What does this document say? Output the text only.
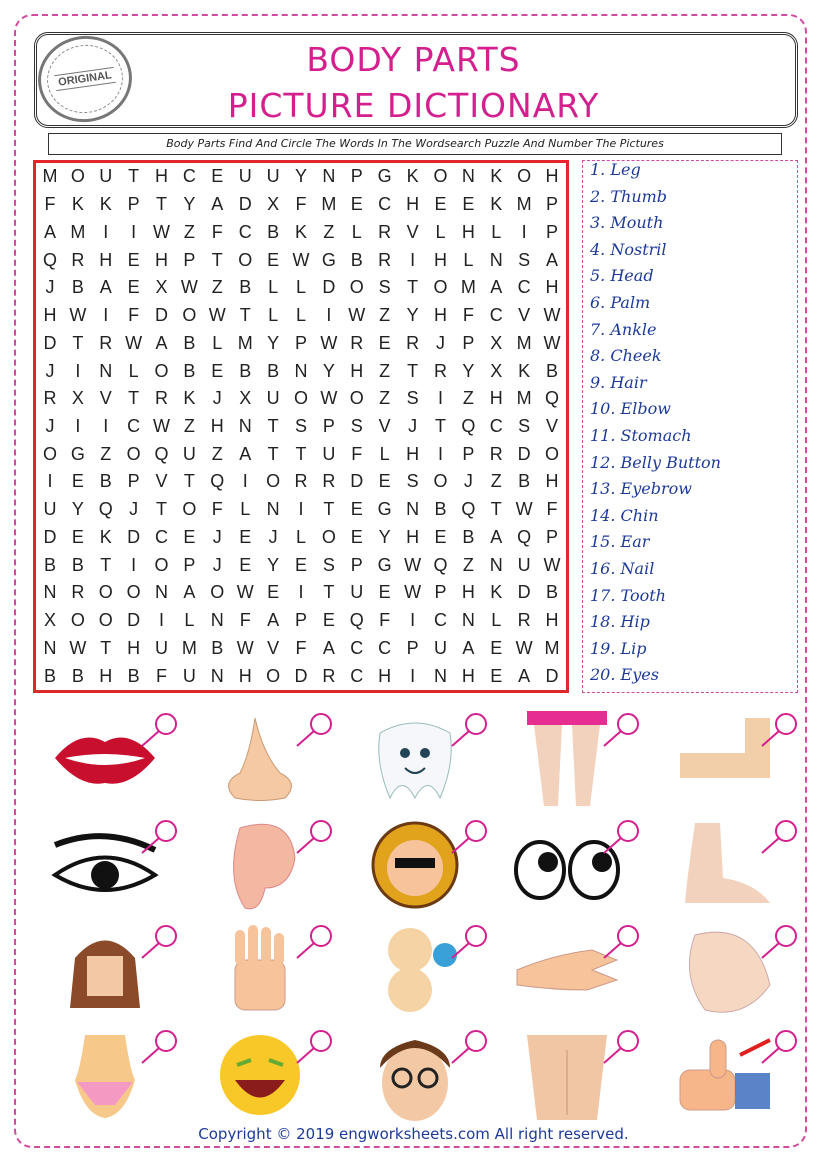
ORIGINAL	BODY PARTS
PICTURE DICTIONARY
Body Parts Find And Circle The Words In The Wordsearch Puzzle And Number The Pictures
M O U T H C E U U Y N P G K O N K O H
F K K P T Y A D X F M E C H E E K M P
A M I	I W Z F C B K Z L R V L H L	I	P
Q R H E H P T O E W G B R	I	H L N S A
J B A E X W Z B L L D O S T O M A C H
H W I	F D O W T L L	I W Z Y H F C V W
D T R W A B L M Y P W R E R J P X M W
J	I	N L O B E B B N Y H Z T R Y X K B
R X V T R K J X U O W O Z S	I	Z H M Q
J	I	I	C W Z H N T S P S V J T Q C S V
O G Z O Q U Z A T T U F L H	I	P R D O
I	E B P V T Q	I	O R R D E S O J Z B H
U Y Q J T O F L N	I	T E G N B Q T W F
D E K D C E J E J	L O E Y H E B A Q P
B B T	I	O P J E Y E S P G W Q Z N U W
N R O O N A O W E	I	T U E W P H K D B
X O O D	I	L N F A P E Q F	I	C N L R H
N W T H U M B W V F A C C P U A E W M
B B H B F U N H O D R C H	I	N H E A D
1. Leg
2. Thumb
3. Mouth
4. Nostril
5. Head
6. Palm
7. Ankle
8. Cheek
9. Hair
10. Elbow
11. Stomach
12. Belly Button
13. Eyebrow
14. Chin
15. Ear
16. Nail
17. Tooth
18. Hip
19. Lip
20. Eyes
Copyright © 2019 engworksheets.com All right reserved.
